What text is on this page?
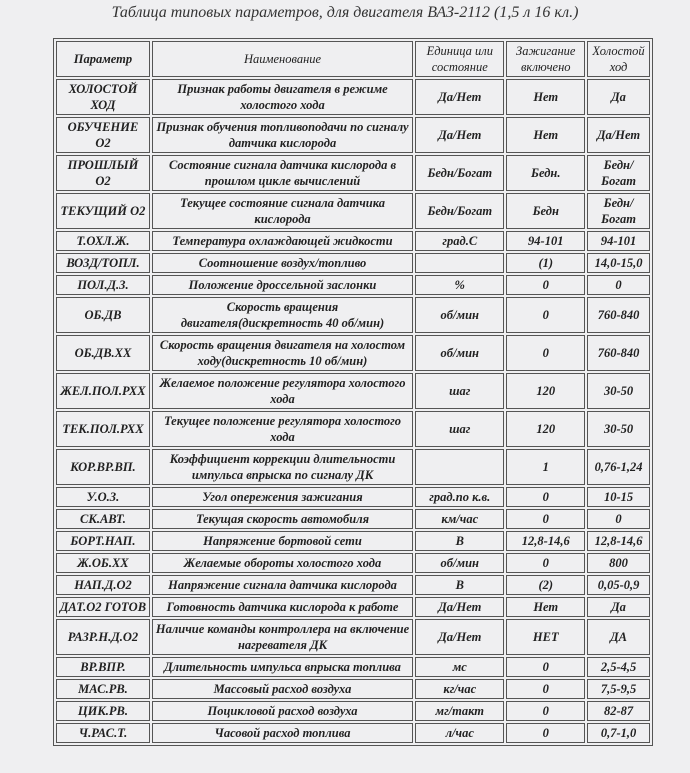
Таблица типовых параметров, для двигателя ВАЗ-2112 (1,5 л 16 кл.)
Параметр	Наименование	Единица или состояние	Зажигание включено	Холостой ход
ХОЛОСТОЙ ХОД	Признак работы двигателя в режиме холостого хода	Да/Нет	Нет	Да
ОБУЧЕНИЕ О2	Признак обучения топливоподачи по сигналу датчика кислорода	Да/Нет	Нет	Да/Нет
ПРОШЛЫЙ О2	Состояние сигнала датчика кислорода в прошлом цикле вычислений	Бедн/Богат	Бедн.	Бедн/ Богат
ТЕКУЩИЙ О2	Текущее состояние сигнала датчика кислорода	Бедн/Богат	Бедн	Бедн/ Богат
Т.ОХЛ.Ж.	Температура охлаждающей жидкости	град.С	94-101	94-101
ВОЗД/ТОПЛ.	Соотношение воздух/топливо		(1)	14,0-15,0
ПОЛ.Д.З.	Положение дроссельной заслонки	%	0	0
ОБ.ДВ	Скорость вращения двигателя(дискретность 40 об/мин)	об/мин	0	760-840
ОБ.ДВ.ХХ	Скорость вращения двигателя на холостом ходу(дискретность 10 об/мин)	об/мин	0	760-840
ЖЕЛ.ПОЛ.РХХ	Желаемое положение регулятора холостого хода	шаг	120	30-50
ТЕК.ПОЛ.РХХ	Текущее положение регулятора холостого хода	шаг	120	30-50
КОР.ВР.ВП.	Коэффициент коррекции длительности импульса впрыска по сигналу ДК		1	0,76-1,24
У.О.З.	Угол опережения зажигания	град.по к.в.	0	10-15
СК.АВТ.	Текущая скорость автомобиля	км/час	0	0
БОРТ.НАП.	Напряжение бортовой сети	В	12,8-14,6	12,8-14,6
Ж.ОБ.ХХ	Желаемые обороты холостого хода	об/мин	0	800
НАП.Д.О2	Напряжение сигнала датчика кислорода	В	(2)	0,05-0,9
ДАТ.О2 ГОТОВ	Готовность датчика кислорода к работе	Да/Нет	Нет	Да
РАЗР.Н.Д.О2	Наличие команды контроллера на включение нагревателя ДК	Да/Нет	НЕТ	ДА
ВР.ВПР.	Длительность импульса впрыска топлива	мс	0	2,5-4,5
МАС.РВ.	Массовый расход воздуха	кг/час	0	7,5-9,5
ЦИК.РВ.	Поцикловой расход воздуха	мг/такт	0	82-87
Ч.РАС.Т.	Часовой расход топлива	л/час	0	0,7-1,0
